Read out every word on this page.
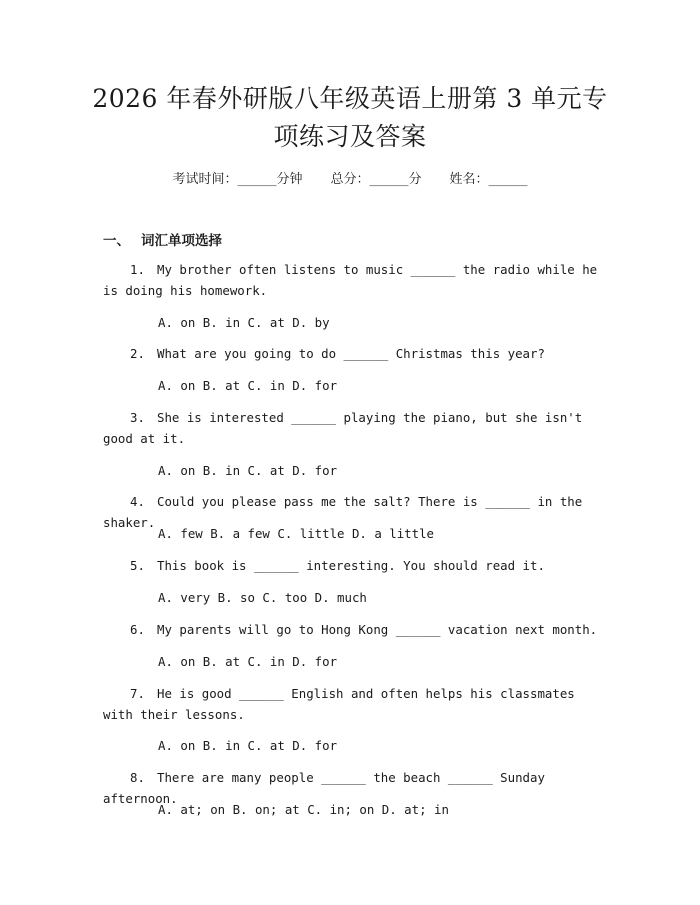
2026 年春外研版八年级英语上册第 3 单元专
项练习及答案
考试时间：______分钟 总分：______分 姓名：______
一、 词汇单项选择
1. My brother often listens to music ______ the radio while he is doing his homework.
A. on B. in C. at D. by
2. What are you going to do ______ Christmas this year?
A. on B. at C. in D. for
3. She is interested ______ playing the piano, but she isn't good at it.
A. on B. in C. at D. for
4. Could you please pass me the salt? There is ______ in the shaker.
A. few B. a few C. little D. a little
5. This book is ______ interesting. You should read it.
A. very B. so C. too D. much
6. My parents will go to Hong Kong ______ vacation next month.
A. on B. at C. in D. for
7. He is good ______ English and often helps his classmates with their lessons.
A. on B. in C. at D. for
8. There are many people ______ the beach ______ Sunday afternoon.
A. at; on B. on; at C. in; on D. at; in
